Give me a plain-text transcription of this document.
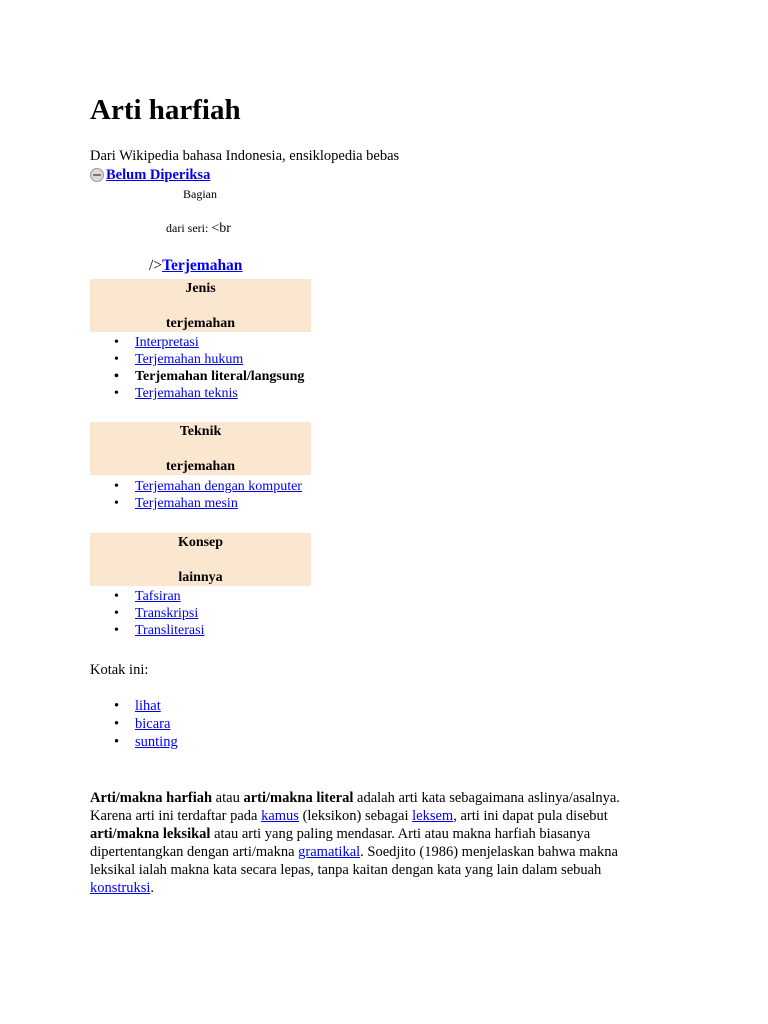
Arti harfiah
Dari Wikipedia bahasa Indonesia, ensiklopedia bebas
Belum Diperiksa
Bagian
dari seri: <br
/>Terjemahan
Jenis
terjemahan
• Interpretasi
• Terjemahan hukum
• Terjemahan literal/langsung
• Terjemahan teknis
Teknik
terjemahan
• Terjemahan dengan komputer
• Terjemahan mesin
Konsep
lainnya
• Tafsiran
• Transkripsi
• Transliterasi
Kotak ini:
• lihat
• bicara
• sunting

Arti/makna harfiah atau arti/makna literal adalah arti kata sebagaimana aslinya/asalnya. Karena arti ini terdaftar pada kamus (leksikon) sebagai leksem, arti ini dapat pula disebut arti/makna leksikal atau arti yang paling mendasar. Arti atau makna harfiah biasanya dipertentangkan dengan arti/makna gramatikal. Soedjito (1986) menjelaskan bahwa makna leksikal ialah makna kata secara lepas, tanpa kaitan dengan kata yang lain dalam sebuah konstruksi.
